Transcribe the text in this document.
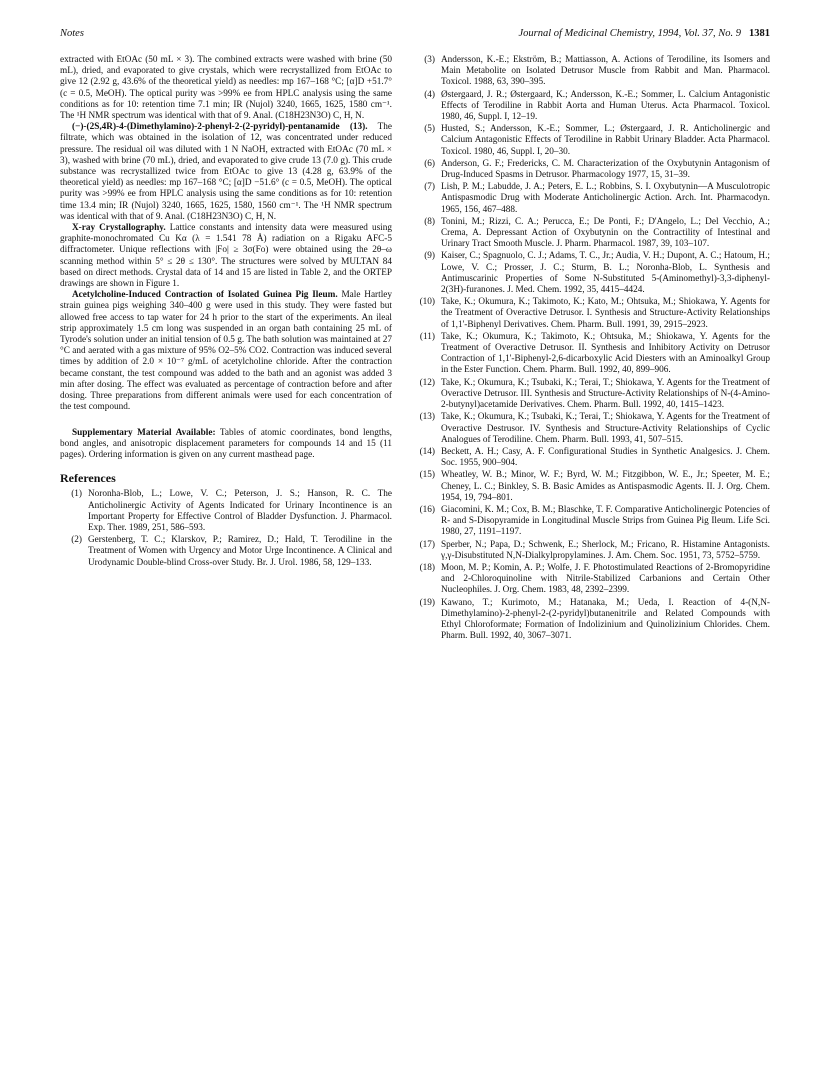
Notes	Journal of Medicinal Chemistry, 1994, Vol. 37, No. 9 1381

extracted with EtOAc (50 mL × 3). The combined extracts were washed with brine (50 mL), dried, and evaporated to give crystals, which were recrystallized from EtOAc to give 12 (2.92 g, 43.6% of the theoretical yield) as needles: mp 167–168 °C; [α]D +51.7° (c = 0.5, MeOH). The optical purity was >99% ee from HPLC analysis using the same conditions as for 10: retention time 7.1 min; IR (Nujol) 3240, 1665, 1625, 1580 cm⁻¹. The ¹H NMR spectrum was identical with that of 9. Anal. (C18H23N3O) C, H, N.

(−)-(2S,4R)-4-(Dimethylamino)-2-phenyl-2-(2-pyridyl)-pentanamide (13). The filtrate, which was obtained in the isolation of 12, was concentrated under reduced pressure. The residual oil was diluted with 1 N NaOH, extracted with EtOAc (70 mL × 3), washed with brine (70 mL), dried, and evaporated to give crude 13 (7.0 g). This crude substance was recrystallized twice from EtOAc to give 13 (4.28 g, 63.9% of the theoretical yield) as needles: mp 167–168 °C; [α]D −51.6° (c = 0.5, MeOH). The optical purity was >99% ee from HPLC analysis using the same conditions as for 10: retention time 13.4 min; IR (Nujol) 3240, 1665, 1625, 1580, 1560 cm⁻¹. The ¹H NMR spectrum was identical with that of 9. Anal. (C18H23N3O) C, H, N.

X-ray Crystallography. Lattice constants and intensity data were measured using graphite-monochromated Cu Kα (λ = 1.541 78 Å) radiation on a Rigaku AFC-5 diffractometer. Unique reflections with |Fo| ≥ 3σ(Fo) were obtained using the 2θ–ω scanning method within 5° ≤ 2θ ≤ 130°. The structures were solved by MULTAN 84 based on direct methods. Crystal data of 14 and 15 are listed in Table 2, and the ORTEP drawings are shown in Figure 1.

Acetylcholine-Induced Contraction of Isolated Guinea Pig Ileum. Male Hartley strain guinea pigs weighing 340–400 g were used in this study. They were fasted but allowed free access to tap water for 24 h prior to the start of the experiments. An ileal strip approximately 1.5 cm long was suspended in an organ bath containing 25 mL of Tyrode's solution under an initial tension of 0.5 g. The bath solution was maintained at 27 °C and aerated with a gas mixture of 95% O2–5% CO2. Contraction was induced several times by addition of 2.0 × 10⁻⁷ g/mL of acetylcholine chloride. After the contraction became constant, the test compound was added to the bath and an agonist was added 3 min after dosing. The effect was evaluated as percentage of contraction before and after dosing. Three preparations from different animals were used for each concentration of the test compound.

Supplementary Material Available: Tables of atomic coordinates, bond lengths, bond angles, and anisotropic displacement parameters for compounds 14 and 15 (11 pages). Ordering information is given on any current masthead page.

References
(1) Noronha-Blob, L.; Lowe, V. C.; Peterson, J. S.; Hanson, R. C. The Anticholinergic Activity of Agents Indicated for Urinary Incontinence is an Important Property for Effective Control of Bladder Dysfunction. J. Pharmacol. Exp. Ther. 1989, 251, 586–593.
(2) Gerstenberg, T. C.; Klarskov, P.; Ramirez, D.; Hald, T. Terodiline in the Treatment of Women with Urgency and Motor Urge Incontinence. A Clinical and Urodynamic Double-blind Cross-over Study. Br. J. Urol. 1986, 58, 129–133.
(3) Andersson, K.-E.; Ekström, B.; Mattiasson, A. Actions of Terodiline, its Isomers and Main Metabolite on Isolated Detrusor Muscle from Rabbit and Man. Pharmacol. Toxicol. 1988, 63, 390–395.
(4) Østergaard, J. R.; Østergaard, K.; Andersson, K.-E.; Sommer, L. Calcium Antagonistic Effects of Terodiline in Rabbit Aorta and Human Uterus. Acta Pharmacol. Toxicol. 1980, 46, Suppl. I, 12–19.
(5) Husted, S.; Andersson, K.-E.; Sommer, L.; Østergaard, J. R. Anticholinergic and Calcium Antagonistic Effects of Terodiline in Rabbit Urinary Bladder. Acta Pharmacol. Toxicol. 1980, 46, Suppl. I, 20–30.
(6) Anderson, G. F.; Fredericks, C. M. Characterization of the Oxybutynin Antagonism of Drug-Induced Spasms in Detrusor. Pharmacology 1977, 15, 31–39.
(7) Lish, P. M.; Labudde, J. A.; Peters, E. L.; Robbins, S. I. Oxybutynin—A Musculotropic Antispasmodic Drug with Moderate Anticholinergic Action. Arch. Int. Pharmacodyn. 1965, 156, 467–488.
(8) Tonini, M.; Rizzi, C. A.; Perucca, E.; De Ponti, F.; D'Angelo, L.; Del Vecchio, A.; Crema, A. Depressant Action of Oxybutynin on the Contractility of Intestinal and Urinary Tract Smooth Muscle. J. Pharm. Pharmacol. 1987, 39, 103–107.
(9) Kaiser, C.; Spagnuolo, C. J.; Adams, T. C., Jr.; Audia, V. H.; Dupont, A. C.; Hatoum, H.; Lowe, V. C.; Prosser, J. C.; Sturm, B. L.; Noronha-Blob, L. Synthesis and Antimuscarinic Properties of Some N-Substituted 5-(Aminomethyl)-3,3-diphenyl-2(3H)-furanones. J. Med. Chem. 1992, 35, 4415–4424.
(10) Take, K.; Okumura, K.; Takimoto, K.; Kato, M.; Ohtsuka, M.; Shiokawa, Y. Agents for the Treatment of Overactive Detrusor. I. Synthesis and Structure-Activity Relationships of 1,1'-Biphenyl Derivatives. Chem. Pharm. Bull. 1991, 39, 2915–2923.
(11) Take, K.; Okumura, K.; Takimoto, K.; Ohtsuka, M.; Shiokawa, Y. Agents for the Treatment of Overactive Detrusor. II. Synthesis and Inhibitory Activity on Detrusor Contraction of 1,1'-Biphenyl-2,6-dicarboxylic Acid Diesters with an Aminoalkyl Group in the Ester Function. Chem. Pharm. Bull. 1992, 40, 899–906.
(12) Take, K.; Okumura, K.; Tsubaki, K.; Terai, T.; Shiokawa, Y. Agents for the Treatment of Overactive Detrusor. III. Synthesis and Structure-Activity Relationships of N-(4-Amino-2-butynyl)acetamide Derivatives. Chem. Pharm. Bull. 1992, 40, 1415–1423.
(13) Take, K.; Okumura, K.; Tsubaki, K.; Terai, T.; Shiokawa, Y. Agents for the Treatment of Overactive Destrusor. IV. Synthesis and Structure-Activity Relationships of Cyclic Analogues of Terodiline. Chem. Pharm. Bull. 1993, 41, 507–515.
(14) Beckett, A. H.; Casy, A. F. Configurational Studies in Synthetic Analgesics. J. Chem. Soc. 1955, 900–904.
(15) Wheatley, W. B.; Minor, W. F.; Byrd, W. M.; Fitzgibbon, W. E., Jr.; Speeter, M. E.; Cheney, L. C.; Binkley, S. B. Basic Amides as Antispasmodic Agents. II. J. Org. Chem. 1954, 19, 794–801.
(16) Giacomini, K. M.; Cox, B. M.; Blaschke, T. F. Comparative Anticholinergic Potencies of R- and S-Disopyramide in Longitudinal Muscle Strips from Guinea Pig Ileum. Life Sci. 1980, 27, 1191–1197.
(17) Sperber, N.; Papa, D.; Schwenk, E.; Sherlock, M.; Fricano, R. Histamine Antagonists. γ,γ-Disubstituted N,N-Dialkylpropylamines. J. Am. Chem. Soc. 1951, 73, 5752–5759.
(18) Moon, M. P.; Komin, A. P.; Wolfe, J. F. Photostimulated Reactions of 2-Bromopyridine and 2-Chloroquinoline with Nitrile-Stabilized Carbanions and Certain Other Nucleophiles. J. Org. Chem. 1983, 48, 2392–2399.
(19) Kawano, T.; Kurimoto, M.; Hatanaka, M.; Ueda, I. Reaction of 4-(N,N-Dimethylamino)-2-phenyl-2-(2-pyridyl)butanenitrile and Related Compounds with Ethyl Chloroformate; Formation of Indolizinium and Quinolizinium Chlorides. Chem. Pharm. Bull. 1992, 40, 3067–3071.
